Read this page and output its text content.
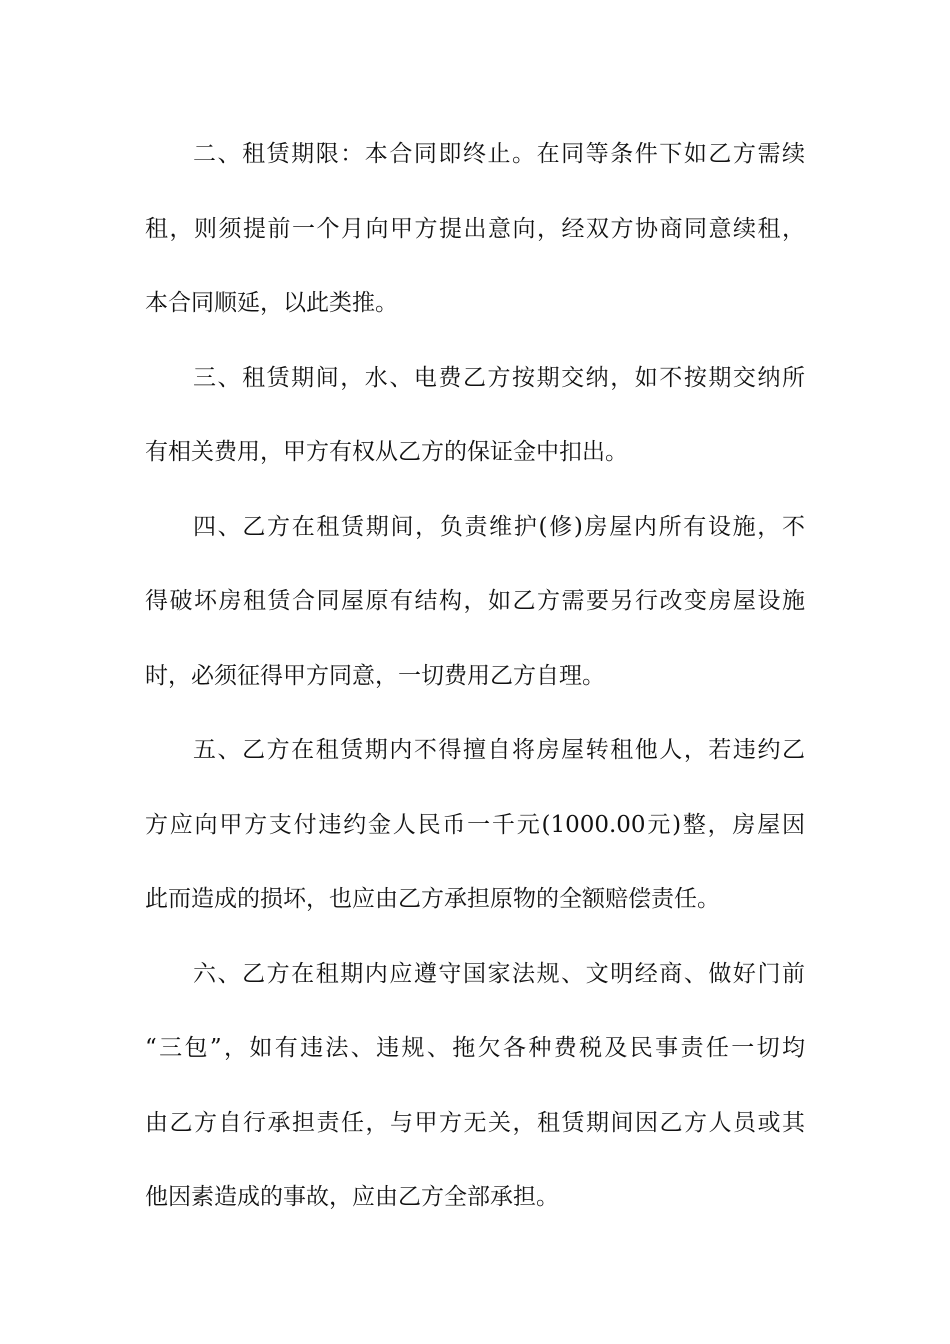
二、租赁期限：本合同即终止。在同等条件下如乙方需续
租，则须提前一个月向甲方提出意向，经双方协商同意续租，
本合同顺延，以此类推。
三、租赁期间，水、电费乙方按期交纳，如不按期交纳所
有相关费用，甲方有权从乙方的保证金中扣出。
四、乙方在租赁期间，负责维护(修)房屋内所有设施，不
得破坏房租赁合同屋原有结构，如乙方需要另行改变房屋设施
时，必须征得甲方同意，一切费用乙方自理。
五、乙方在租赁期内不得擅自将房屋转租他人，若违约乙
方应向甲方支付违约金人民币一千元(1000.00元)整，房屋因
此而造成的损坏，也应由乙方承担原物的全额赔偿责任。
六、乙方在租期内应遵守国家法规、文明经商、做好门前
“三包”，如有违法、违规、拖欠各种费税及民事责任一切均
由乙方自行承担责任，与甲方无关，租赁期间因乙方人员或其
他因素造成的事故，应由乙方全部承担。
